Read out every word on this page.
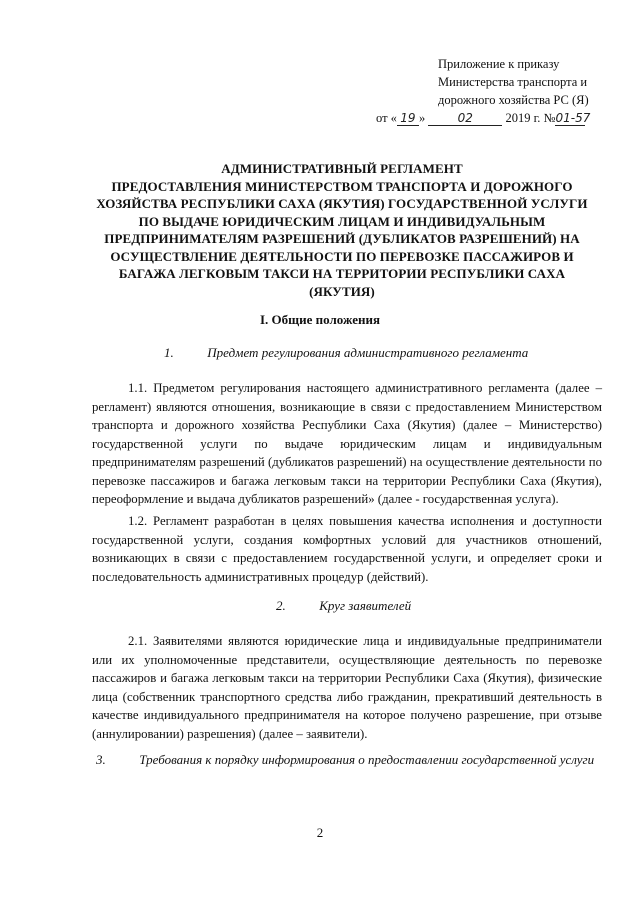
Приложение к приказу
Министерства транспорта и
дорожного хозяйства РС (Я)
от « 19 »	02	2019 г. №01-57
АДМИНИСТРАТИВНЫЙ РЕГЛАМЕНТ
ПРЕДОСТАВЛЕНИЯ МИНИСТЕРСТВОМ ТРАНСПОРТА И ДОРОЖНОГО
ХОЗЯЙСТВА РЕСПУБЛИКИ САХА (ЯКУТИЯ) ГОСУДАРСТВЕННОЙ УСЛУГИ
ПО ВЫДАЧЕ ЮРИДИЧЕСКИМ ЛИЦАМ И ИНДИВИДУАЛЬНЫМ
ПРЕДПРИНИМАТЕЛЯМ РАЗРЕШЕНИЙ (ДУБЛИКАТОВ РАЗРЕШЕНИЙ) НА
ОСУЩЕСТВЛЕНИЕ ДЕЯТЕЛЬНОСТИ ПО ПЕРЕВОЗКЕ ПАССАЖИРОВ И
БАГАЖА ЛЕГКОВЫМ ТАКСИ НА ТЕРРИТОРИИ РЕСПУБЛИКИ САХА
(ЯКУТИЯ)
I. Общие положения
1.	Предмет регулирования административного регламента
1.1. Предметом регулирования настоящего административного регламента (далее – регламент) являются отношения, возникающие в связи с предоставлением Министерством транспорта и дорожного хозяйства Республики Саха (Якутия) (далее – Министерство) государственной услуги по выдаче юридическим лицам и индивидуальным предпринимателям разрешений (дубликатов разрешений) на осуществление деятельности по перевозке пассажиров и багажа легковым такси на территории Республики Саха (Якутия), переоформление и выдача дубликатов разрешений» (далее - государственная услуга).
1.2. Регламент разработан в целях повышения качества исполнения и доступности государственной услуги, создания комфортных условий для участников отношений, возникающих в связи с предоставлением государственной услуги, и определяет сроки и последовательность административных процедур (действий).
2.	Круг заявителей
2.1. Заявителями являются юридические лица и индивидуальные предприниматели или их уполномоченные представители, осуществляющие деятельность по перевозке пассажиров и багажа легковым такси на территории Республики Саха (Якутия), физические лица (собственник транспортного средства либо гражданин, прекративший деятельность в качестве индивидуального предпринимателя на которое получено разрешение, при отзыве (аннулировании) разрешения) (далее – заявители).
3.	Требования к порядку информирования о предоставлении государственной услуги
2
